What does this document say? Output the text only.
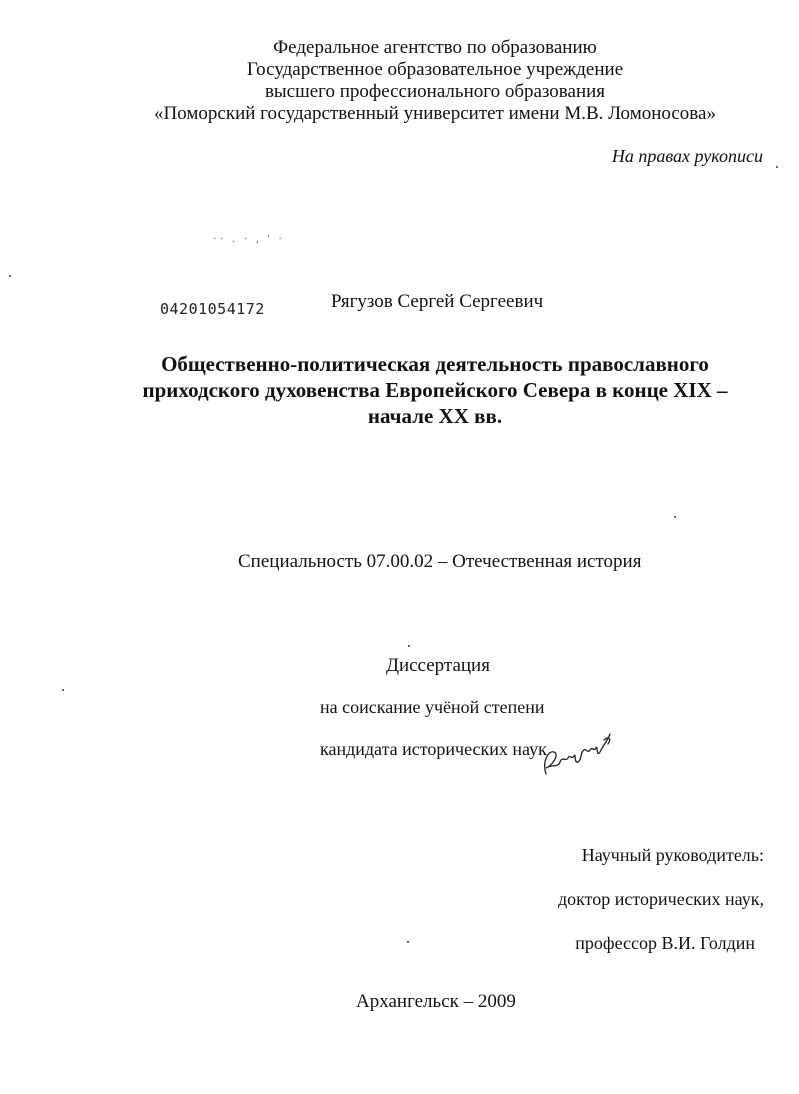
Федеральное агентство по образованию
Государственное образовательное учреждение
высшего профессионального образования
«Поморский государственный университет имени М.В. Ломоносова»
На правах рукописи
·· . · , ' ·
04201054172	Рягузов Сергей Сергеевич
Общественно-политическая деятельность православного
приходского духовенства Европейского Севера в конце XIX –
начале XX вв.
Специальность 07.00.02 – Отечественная история
Диссертация
на соискание учёной степени
кандидата исторических наук
Научный руководитель:
доктор исторических наук,
профессор В.И. Голдин
Архангельск – 2009
